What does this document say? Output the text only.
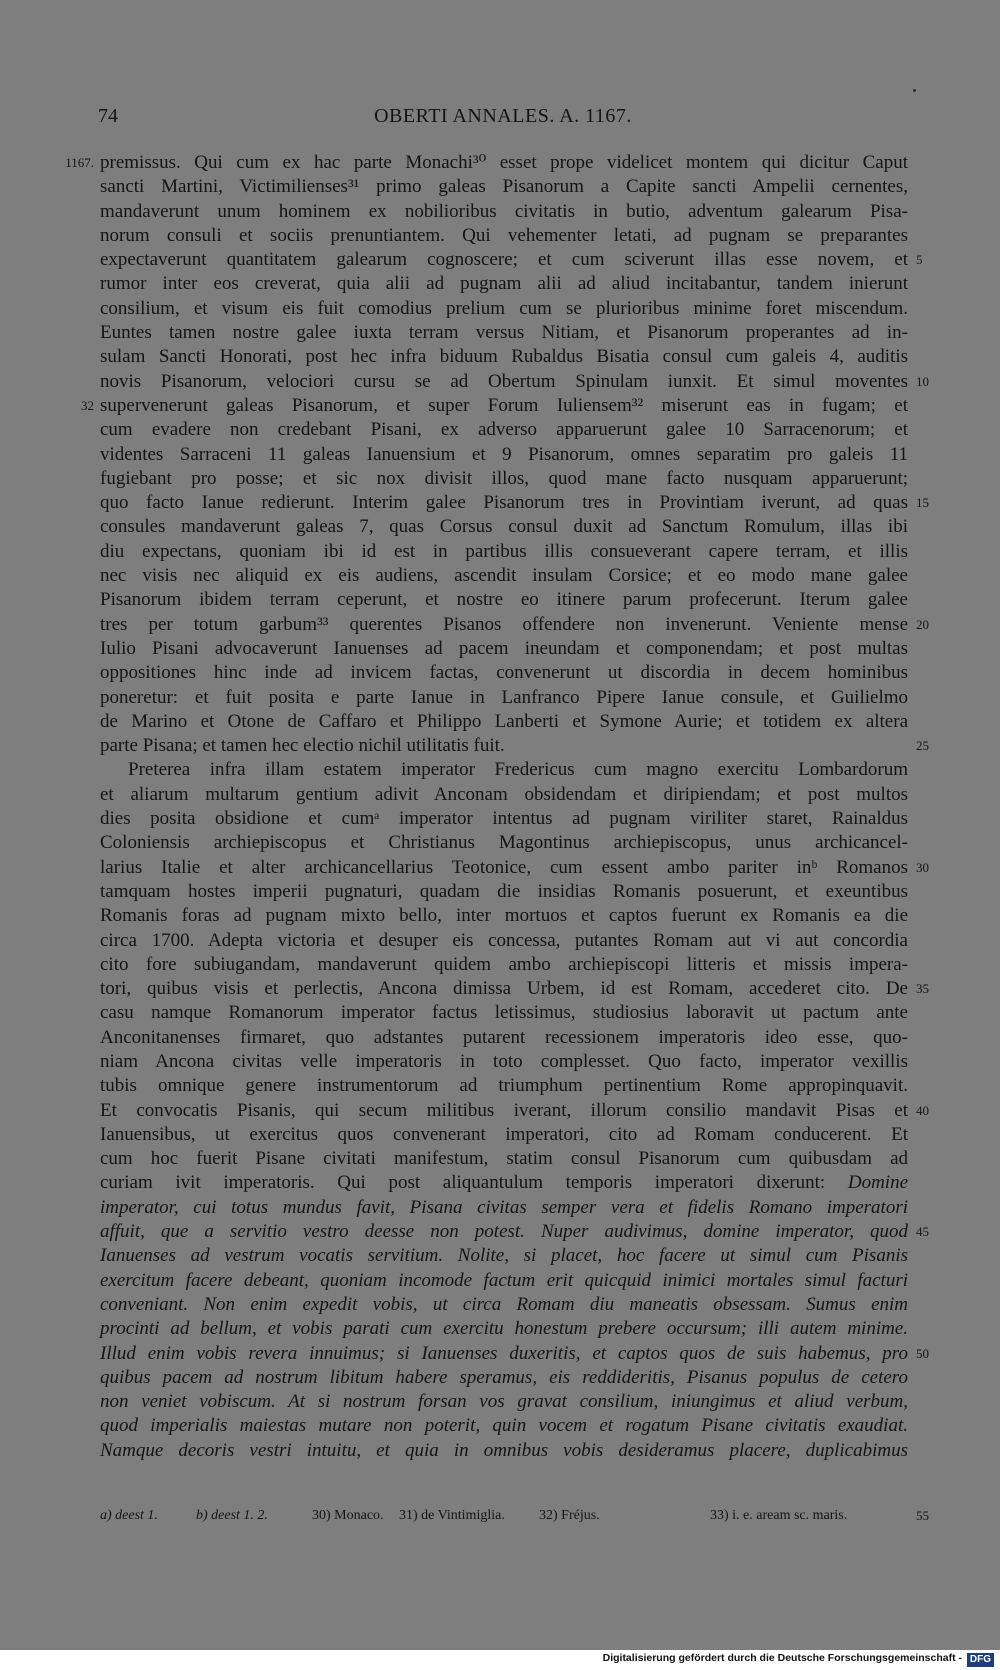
74	OBERTI ANNALES. A. 1167.
premissus. Qui cum ex hac parte Monachi³⁰ esset prope videlicet montem qui dicitur Caput
1167.
sancti Martini, Victimilienses³¹ primo galeas Pisanorum a Capite sancti Ampelii cernentes,
mandaverunt unum hominem ex nobilioribus civitatis in butio, adventum galearum Pisa-
norum consuli et sociis prenuntiantem. Qui vehementer letati, ad pugnam se preparantes
expectaverunt quantitatem galearum cognoscere; et cum sciverunt illas esse novem, et 5
rumor inter eos creverat, quia alii ad pugnam alii ad aliud incitabantur, tandem inierunt
consilium, et visum eis fuit comodius prelium cum se plurioribus minime foret miscendum.
Euntes tamen nostre galee iuxta terram versus Nitiam, et Pisanorum properantes ad in-
sulam Sancti Honorati, post hec infra biduum Rubaldus Bisatia consul cum galeis 4, auditis
novis Pisanorum, velociori cursu se ad Obertum Spinulam iunxit. Et simul moventes 10
supervenerunt galeas Pisanorum, et super Forum Iuliensem³² miserunt eas in fugam; et
32
cum evadere non credebant Pisani, ex adverso apparuerunt galee 10 Sarracenorum; et
videntes Sarraceni 11 galeas Ianuensium et 9 Pisanorum, omnes separatim pro galeis 11
fugiebant pro posse; et sic nox divisit illos, quod mane facto nusquam apparuerunt;
quo facto Ianue redierunt. Interim galee Pisanorum tres in Provintiam iverunt, ad quas 15
consules mandaverunt galeas 7, quas Corsus consul duxit ad Sanctum Romulum, illas ibi
diu expectans, quoniam ibi id est in partibus illis consueverant capere terram, et illis
nec visis nec aliquid ex eis audiens, ascendit insulam Corsice; et eo modo mane galee
Pisanorum ibidem terram ceperunt, et nostre eo itinere parum profecerunt. Iterum galee
tres per totum garbum³³ querentes Pisanos offendere non invenerunt. Veniente mense 20
Iulio Pisani advocaverunt Ianuenses ad pacem ineundam et componendam; et post multas
oppositiones hinc inde ad invicem factas, convenerunt ut discordia in decem hominibus
poneretur: et fuit posita e parte Ianue in Lanfranco Pipere Ianue consule, et Guilielmo
de Marino et Otone de Caffaro et Philippo Lanberti et Symone Aurie; et totidem ex altera
parte Pisana; et tamen hec electio nichil utilitatis fuit.	25
Preterea infra illam estatem imperator Fredericus cum magno exercitu Lombardorum
et aliarum multarum gentium adivit Anconam obsidendam et diripiendam; et post multos
dies posita obsidione et cumᵃ imperator intentus ad pugnam viriliter staret, Rainaldus
Coloniensis archiepiscopus et Christianus Magontinus archiepiscopus, unus archicancel-
larius Italie et alter archicancellarius Teotonice, cum essent ambo pariter inᵇ Romanos 30
tamquam hostes imperii pugnaturi, quadam die insidias Romanis posuerunt, et exeuntibus
Romanis foras ad pugnam mixto bello, inter mortuos et captos fuerunt ex Romanis ea die
circa 1700. Adepta victoria et desuper eis concessa, putantes Romam aut vi aut concordia
cito fore subiugandam, mandaverunt quidem ambo archiepiscopi litteris et missis impera-
tori, quibus visis et perlectis, Ancona dimissa Urbem, id est Romam, accederet cito. De 35
casu namque Romanorum imperator factus letissimus, studiosius laboravit ut pactum ante
Anconitanenses firmaret, quo adstantes putarent recessionem imperatoris ideo esse, quo-
niam Ancona civitas velle imperatoris in toto complesset. Quo facto, imperator vexillis
tubis omnique genere instrumentorum ad triumphum pertinentium Rome appropinquavit.
Et convocatis Pisanis, qui secum militibus iverant, illorum consilio mandavit Pisas et 40
Ianuensibus, ut exercitus quos convenerant imperatori, cito ad Romam conducerent. Et
cum hoc fuerit Pisane civitati manifestum, statim consul Pisanorum cum quibusdam ad
curiam ivit imperatoris. Qui post aliquantulum temporis imperatori dixerunt: Domine
imperator, cui totus mundus favit, Pisana civitas semper vera et fidelis Romano imperatori
affuit, que a servitio vestro deesse non potest. Nuper audivimus, domine imperator, quod 45
Ianuenses ad vestrum vocatis servitium. Nolite, si placet, hoc facere ut simul cum Pisanis
exercitum facere debeant, quoniam incomode factum erit quicquid inimici mortales simul facturi
conveniant. Non enim expedit vobis, ut circa Romam diu maneatis obsessam. Sumus enim
procinti ad bellum, et vobis parati cum exercitu honestum prebere occursum; illi autem minime.
Illud enim vobis revera innuimus; si Ianuenses duxeritis, et captos quos de suis habemus, pro 50
quibus pacem ad nostrum libitum habere speramus, eis reddideritis, Pisanus populus de cetero
non veniet vobiscum. At si nostrum forsan vos gravat consilium, iniungimus et aliud verbum,
quod imperialis maiestas mutare non poterit, quin vocem et rogatum Pisane civitatis exaudiat.
Namque decoris vestri intuitu, et quia in omnibus vobis desideramus placere, duplicabimus
a) deest 1.	b) deest 1. 2.	30) Monaco. 31) de Vintimiglia. 32) Fréjus.	33) i. e. aream sc. maris.	55
Digitalisierung gefördert durch die Deutsche Forschungsgemeinschaft - DFG
